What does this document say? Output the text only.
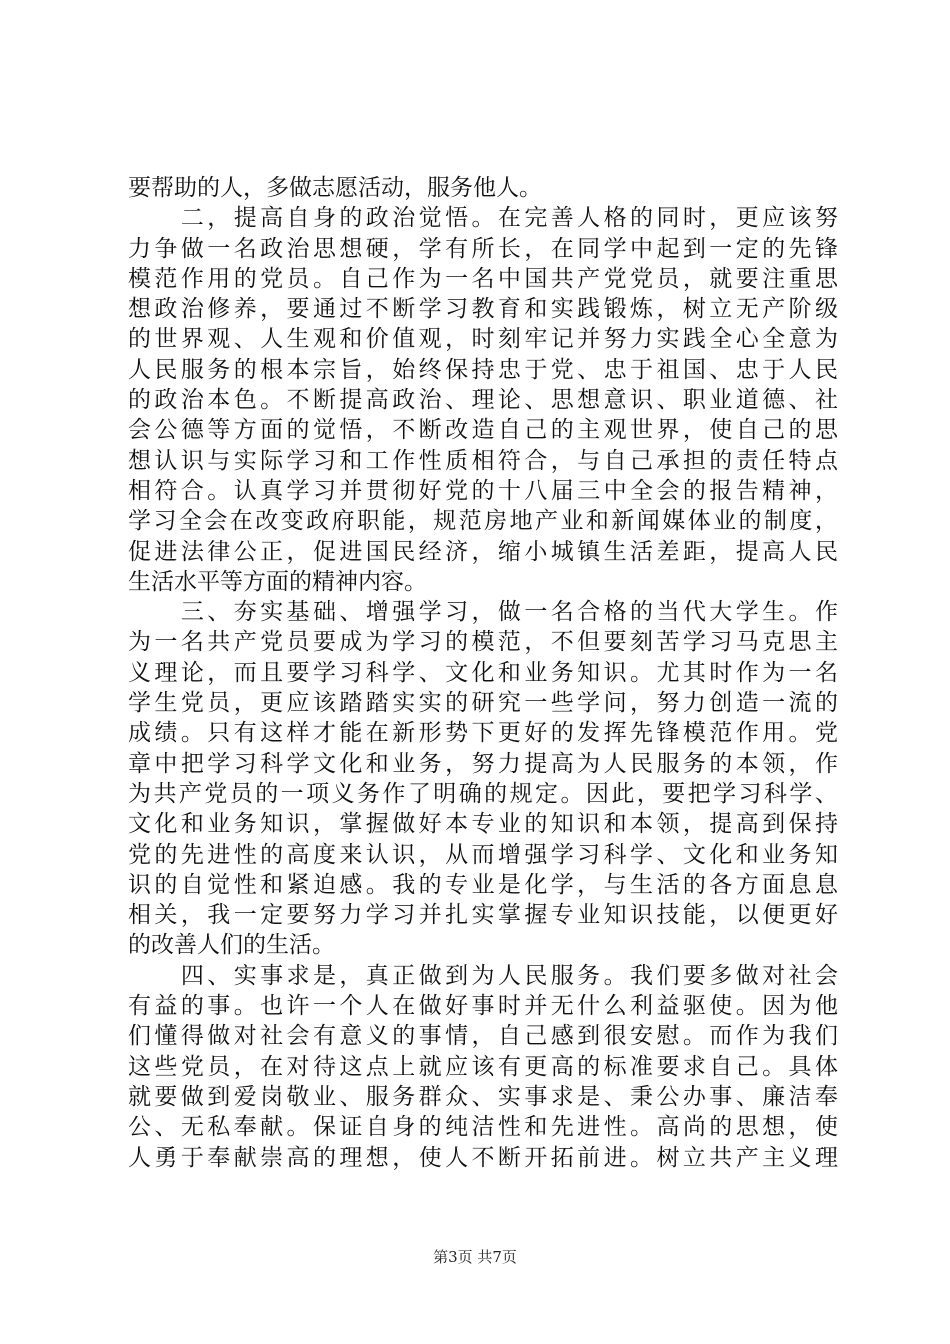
要帮助的人，多做志愿活动，服务他人。

二 ， 提 高 自 身 的 政 治 觉 悟 。 在 完 善 人 格 的 同 时 ， 更 应 该 努
力 争 做 一 名 政 治 思 想 硬 ， 学 有 所 长 ， 在 同 学 中 起 到 一 定 的 先 锋
模 范 作 用 的 党 员 。 自 己 作 为 一 名 中 国 共 产 党 党 员 ， 就 要 注 重 思
想 政 治 修 养 ， 要 通 过 不 断 学 习 教 育 和 实 践 锻 炼 ， 树 立 无 产 阶 级
的 世 界 观 、 人 生 观 和 价 值 观 ， 时 刻 牢 记 并 努 力 实 践 全 心 全 意 为
人 民 服 务 的 根 本 宗 旨 ， 始 终 保 持 忠 于 党 、 忠 于 祖 国 、 忠 于 人 民
的 政 治 本 色 。 不 断 提 高 政 治 、 理 论 、 思 想 意 识 、 职 业 道 德 、 社
会 公 德 等 方 面 的 觉 悟 ， 不 断 改 造 自 己 的 主 观 世 界 ， 使 自 己 的 思
想 认 识 与 实 际 学 习 和 工 作 性 质 相 符 合 ， 与 自 己 承 担 的 责 任 特 点
相 符 合 。 认 真 学 习 并 贯 彻 好 党 的 十 八 届 三 中 全 会 的 报 告 精 神 ，
学 习 全 会 在 改 变 政 府 职 能 ， 规 范 房 地 产 业 和 新 闻 媒 体 业 的 制 度 ，
促 进 法 律 公 正 ， 促 进 国 民 经 济 ， 缩 小 城 镇 生 活 差 距 ， 提 高 人 民
生活水平等方面的精神内容。

三 、 夯 实 基 础 、 增 强 学 习 ， 做 一 名 合 格 的 当 代 大 学 生 。 作
为 一 名 共 产 党 员 要 成 为 学 习 的 模 范 ， 不 但 要 刻 苦 学 习 马 克 思 主
义 理 论 ， 而 且 要 学 习 科 学 、 文 化 和 业 务 知 识 。 尤 其 时 作 为 一 名
学 生 党 员 ， 更 应 该 踏 踏 实 实 的 研 究 一 些 学 问 ， 努 力 创 造 一 流 的
成 绩 。 只 有 这 样 才 能 在 新 形 势 下 更 好 的 发 挥 先 锋 模 范 作 用 。 党
章 中 把 学 习 科 学 文 化 和 业 务 ， 努 力 提 高 为 人 民 服 务 的 本 领 ， 作
为 共 产 党 员 的 一 项 义 务 作 了 明 确 的 规 定 。 因 此 ， 要 把 学 习 科 学 、
文 化 和 业 务 知 识 ， 掌 握 做 好 本 专 业 的 知 识 和 本 领 ， 提 高 到 保 持
党 的 先 进 性 的 高 度 来 认 识 ， 从 而 增 强 学 习 科 学 、 文 化 和 业 务 知
识 的 自 觉 性 和 紧 迫 感 。 我 的 专 业 是 化 学 ， 与 生 活 的 各 方 面 息 息
相 关 ， 我 一 定 要 努 力 学 习 并 扎 实 掌 握 专 业 知 识 技 能 ， 以 便 更 好
的改善人们的生活。

四 、 实 事 求 是 ， 真 正 做 到 为 人 民 服 务 。 我 们 要 多 做 对 社 会
有 益 的 事 。 也 许 一 个 人 在 做 好 事 时 并 无 什 么 利 益 驱 使 。 因 为 他
们 懂 得 做 对 社 会 有 意 义 的 事 情 ， 自 己 感 到 很 安 慰 。 而 作 为 我 们
这 些 党 员 ， 在 对 待 这 点 上 就 应 该 有 更 高 的 标 准 要 求 自 己 。 具 体
就 要 做 到 爱 岗 敬 业 、 服 务 群 众 、 实 事 求 是 、 秉 公 办 事 、 廉 洁 奉
公 、 无 私 奉 献 。 保 证 自 身 的 纯 洁 性 和 先 进 性 。 高 尚 的 思 想 ， 使
人 勇 于 奉 献 崇 高 的 理 想 ， 使 人 不 断 开 拓 前 进 。 树 立 共 产 主 义 理
第3页 共7页
